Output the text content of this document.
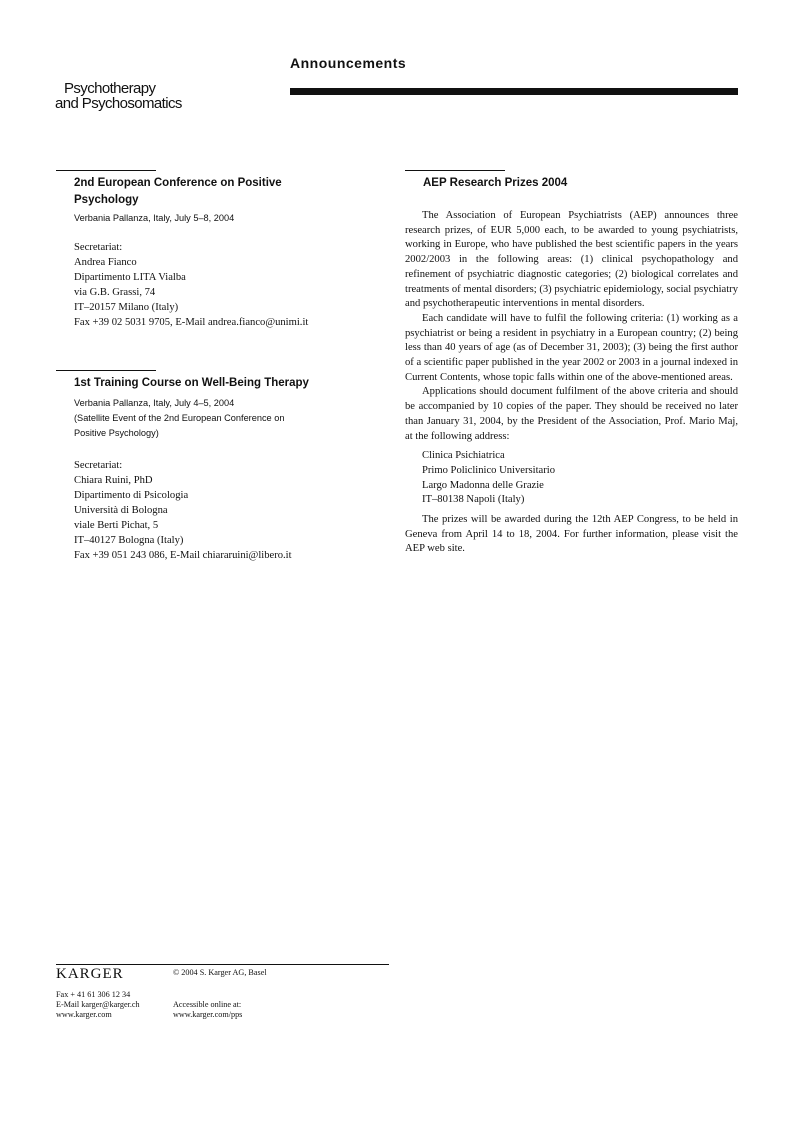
Psychotherapy
and Psychosomatics
Announcements
2nd European Conference on Positive
Psychology
Verbania Pallanza, Italy, July 5–8, 2004
Secretariat:
Andrea Fianco
Dipartimento LITA Vialba
via G.B. Grassi, 74
IT–20157 Milano (Italy)
Fax +39 02 5031 9705, E-Mail andrea.fianco@unimi.it
1st Training Course on Well-Being Therapy
Verbania Pallanza, Italy, July 4–5, 2004
(Satellite Event of the 2nd European Conference on
Positive Psychology)
Secretariat:
Chiara Ruini, PhD
Dipartimento di Psicologia
Università di Bologna
viale Berti Pichat, 5
IT–40127 Bologna (Italy)
Fax +39 051 243 086, E-Mail chiararuini@libero.it
AEP Research Prizes 2004

The Association of European Psychiatrists (AEP) announces three research prizes, of EUR 5,000 each, to be awarded to young psychiatrists, working in Europe, who have published the best scientific papers in the years 2002/2003 in the following areas: (1) clinical psychopathology and refinement of psychiatric diagnostic categories; (2) biological correlates and treatments of mental disorders; (3) psychiatric epidemiology, social psychiatry and psychotherapeutic interventions in mental disorders.

Each candidate will have to fulfil the following criteria: (1) working as a psychiatrist or being a resident in psychiatry in a European country; (2) being less than 40 years of age (as of December 31, 2003); (3) being the first author of a scientific paper published in the year 2002 or 2003 in a journal indexed in Current Contents, whose topic falls within one of the above-mentioned areas.

Applications should document fulfilment of the above criteria and should be accompanied by 10 copies of the paper. They should be received no later than January 31, 2004, by the President of the Association, Prof. Mario Maj, at the following address:

Clinica Psichiatrica
Primo Policlinico Universitario
Largo Madonna delle Grazie
IT–80138 Napoli (Italy)

The prizes will be awarded during the 12th AEP Congress, to be held in Geneva from April 14 to 18, 2004. For further information, please visit the AEP web site.

KARGER	© 2004 S. Karger AG, Basel
Fax + 41 61 306 12 34
E-Mail karger@karger.ch
www.karger.com
Accessible online at:
www.karger.com/pps
